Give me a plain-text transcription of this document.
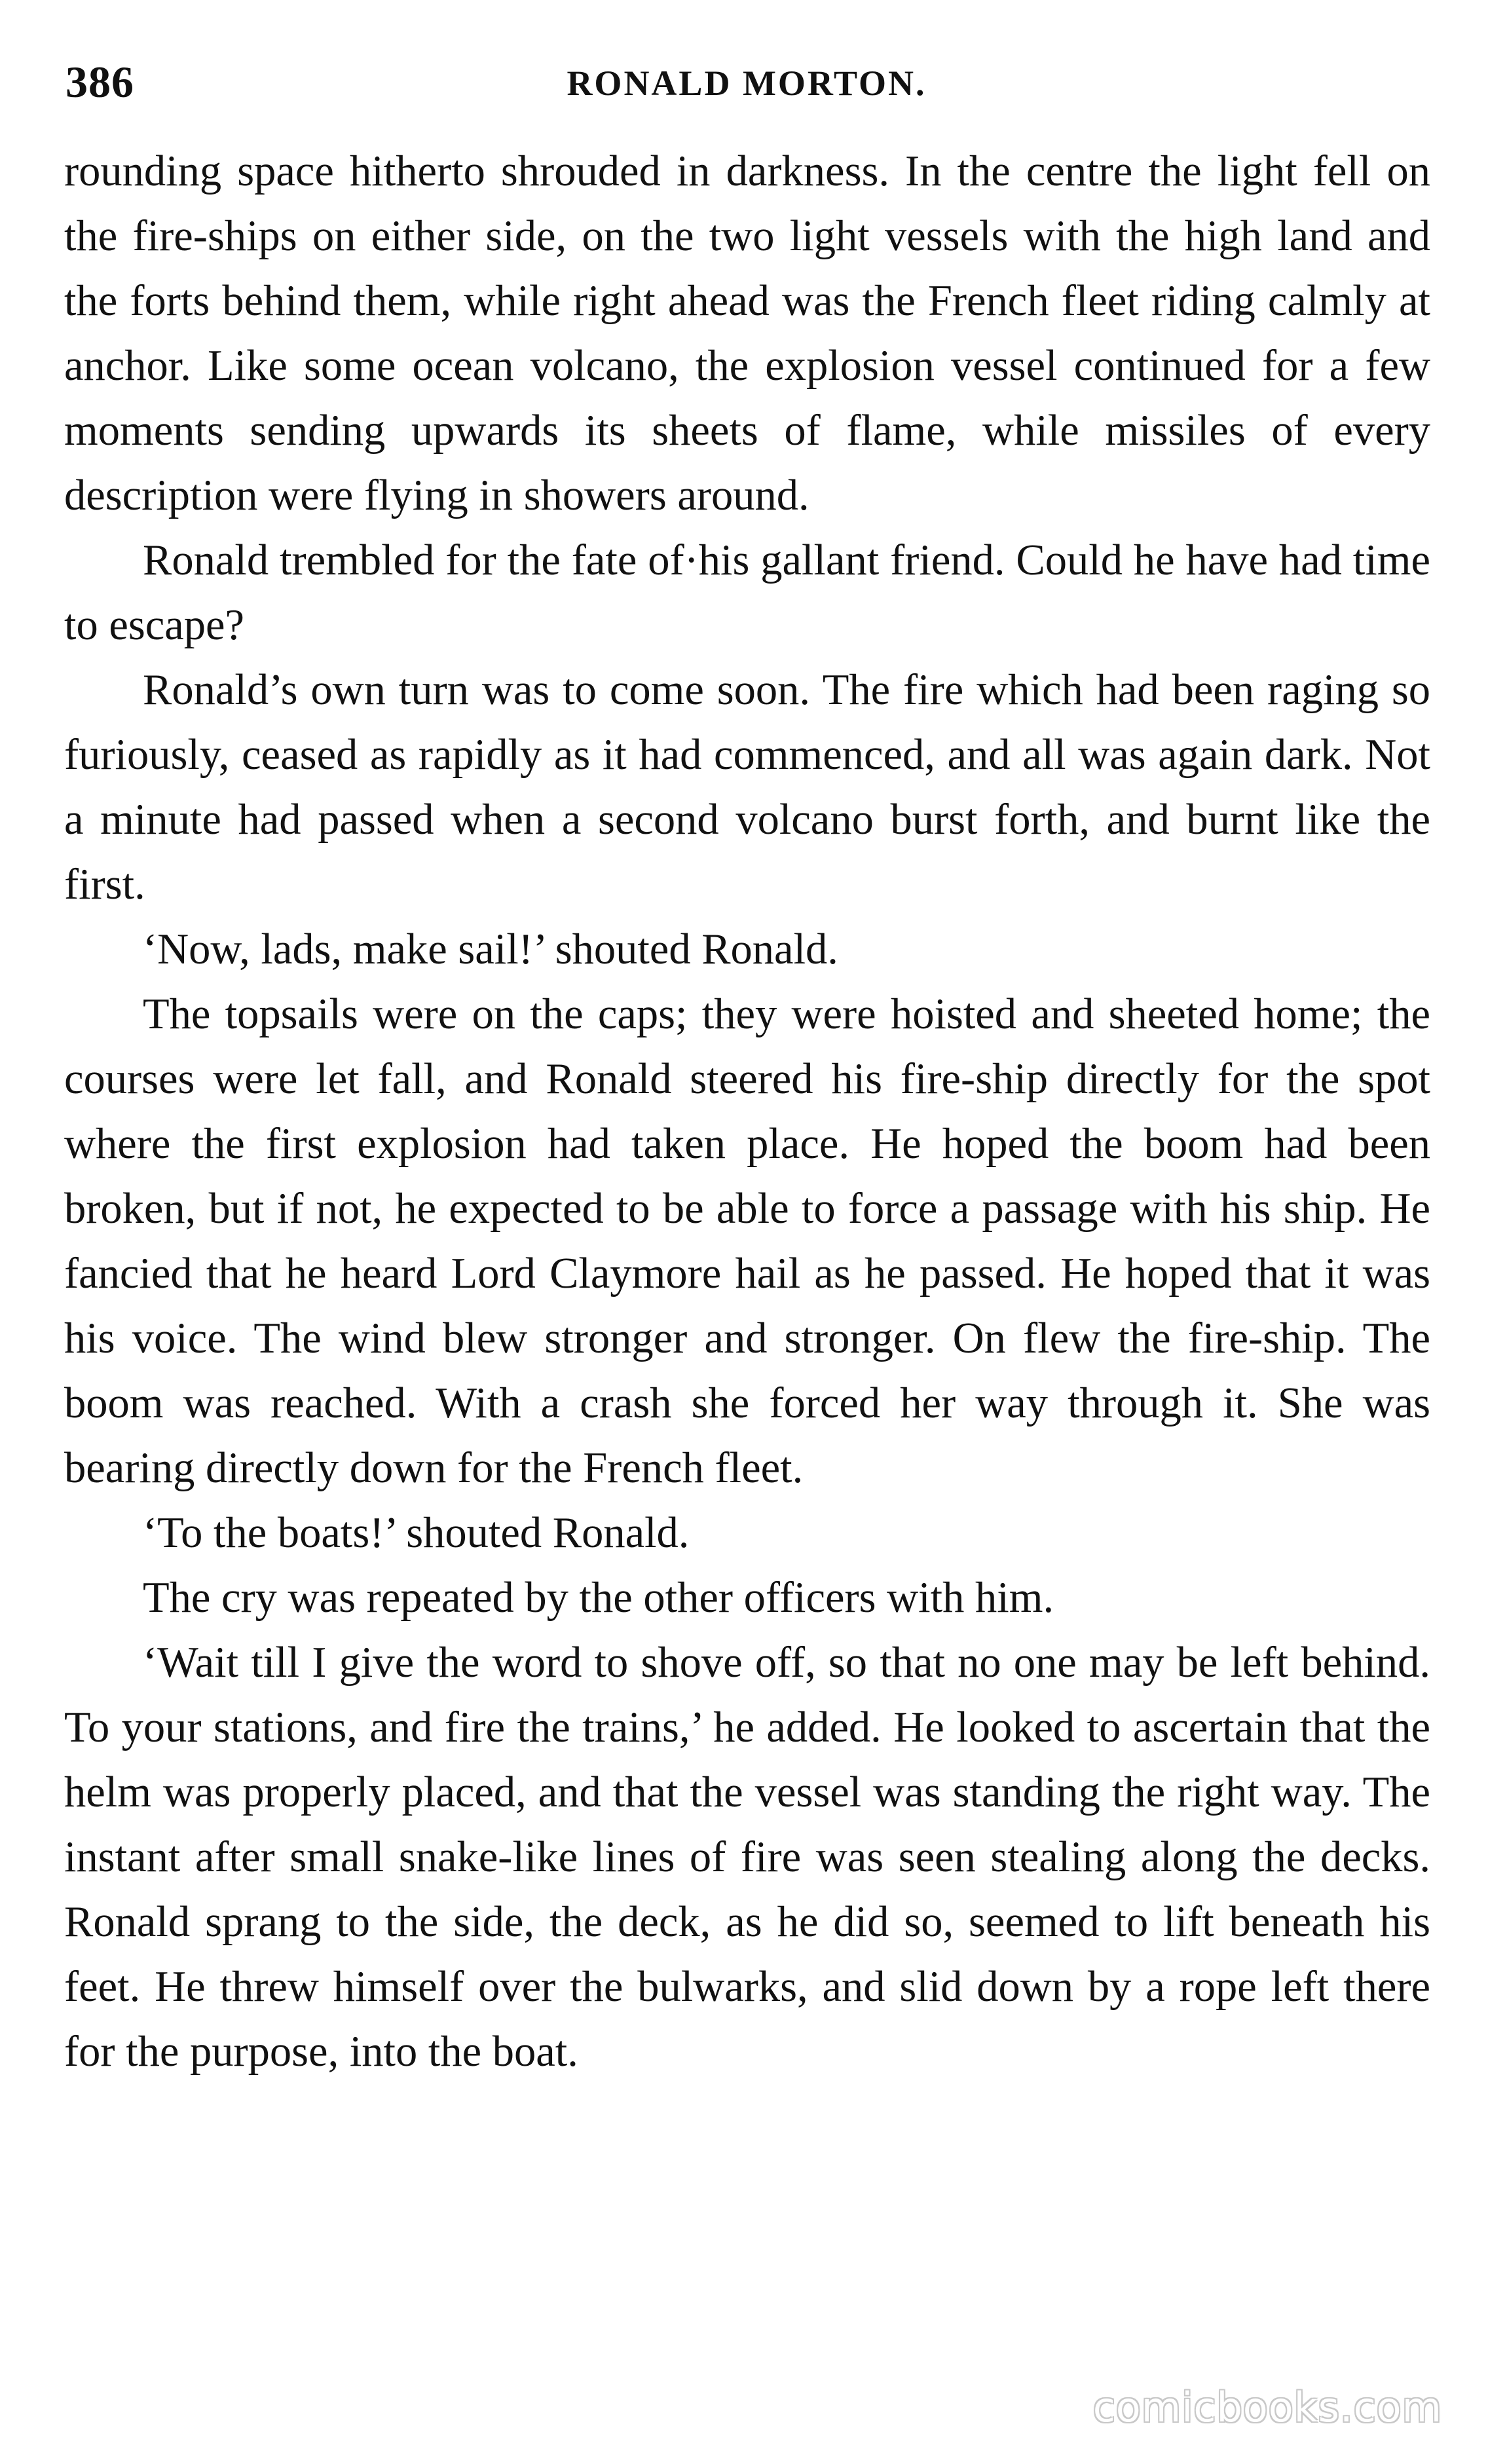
386	RONALD MORTON.

rounding space hitherto shrouded in darkness. In the centre the light fell on the fire-ships on either side, on the two light vessels with the high land and the forts behind them, while right ahead was the French fleet riding calmly at anchor. Like some ocean volcano, the explosion vessel continued for a few moments sending upwards its sheets of flame, while missiles of every description were flying in showers around.

Ronald trembled for the fate of·his gallant friend. Could he have had time to escape?

Ronald’s own turn was to come soon. The fire which had been raging so furiously, ceased as rapidly as it had commenced, and all was again dark. Not a minute had passed when a second volcano burst forth, and burnt like the first.

‘Now, lads, make sail!’ shouted Ronald.

The topsails were on the caps; they were hoisted and sheeted home; the courses were let fall, and Ronald steered his fire-ship directly for the spot where the first explosion had taken place. He hoped the boom had been broken, but if not, he expected to be able to force a passage with his ship. He fancied that he heard Lord Claymore hail as he passed. He hoped that it was his voice. The wind blew stronger and stronger. On flew the fire-ship. The boom was reached. With a crash she forced her way through it. She was bearing directly down for the French fleet.

‘To the boats!’ shouted Ronald.

The cry was repeated by the other officers with him.

‘Wait till I give the word to shove off, so that no one may be left behind. To your stations, and fire the trains,’ he added. He looked to ascertain that the helm was properly placed, and that the vessel was standing the right way. The instant after small snake-like lines of fire was seen stealing along the decks. Ronald sprang to the side, the deck, as he did so, seemed to lift beneath his feet. He threw himself over the bulwarks, and slid down by a rope left there for the purpose, into the boat.

comicbooks.com
